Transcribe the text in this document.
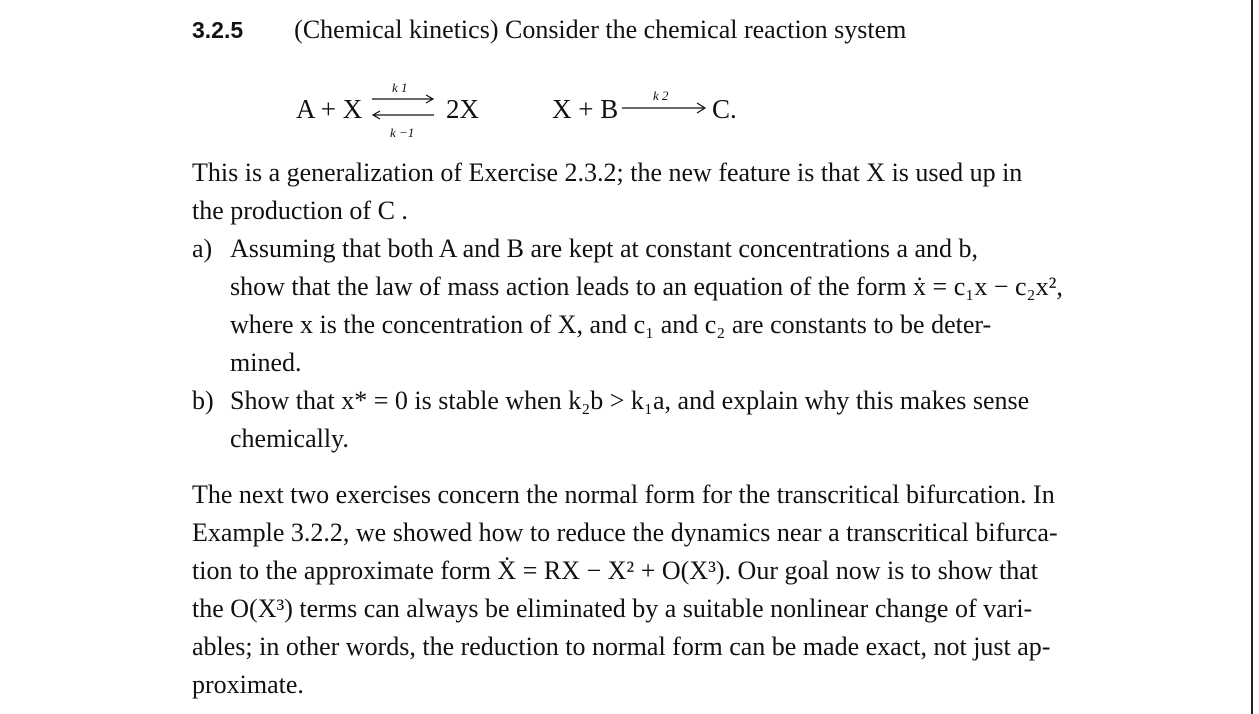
3.2.5 (Chemical kinetics) Consider the chemical reaction system
A + X
k 1
k −1
2X	X + B	k 2 C.
This is a generalization of Exercise 2.3.2; the new feature is that X is used up in
the production of C .
a) Assuming that both A and B are kept at constant concentrations a and b,
show that the law of mass action leads to an equation of the form ẋ = c₁x − c₂x²,
where x is the concentration of X, and c₁ and c₂ are constants to be deter-
mined.
b) Show that x* = 0 is stable when k₂b > k₁a, and explain why this makes sense
chemically.
The next two exercises concern the normal form for the transcritical bifurcation. In
Example 3.2.2, we showed how to reduce the dynamics near a transcritical bifurca-
tion to the approximate form Ẋ = RX − X² + O(X³). Our goal now is to show that
the O(X³) terms can always be eliminated by a suitable nonlinear change of vari-
ables; in other words, the reduction to normal form can be made exact, not just ap-
proximate.
